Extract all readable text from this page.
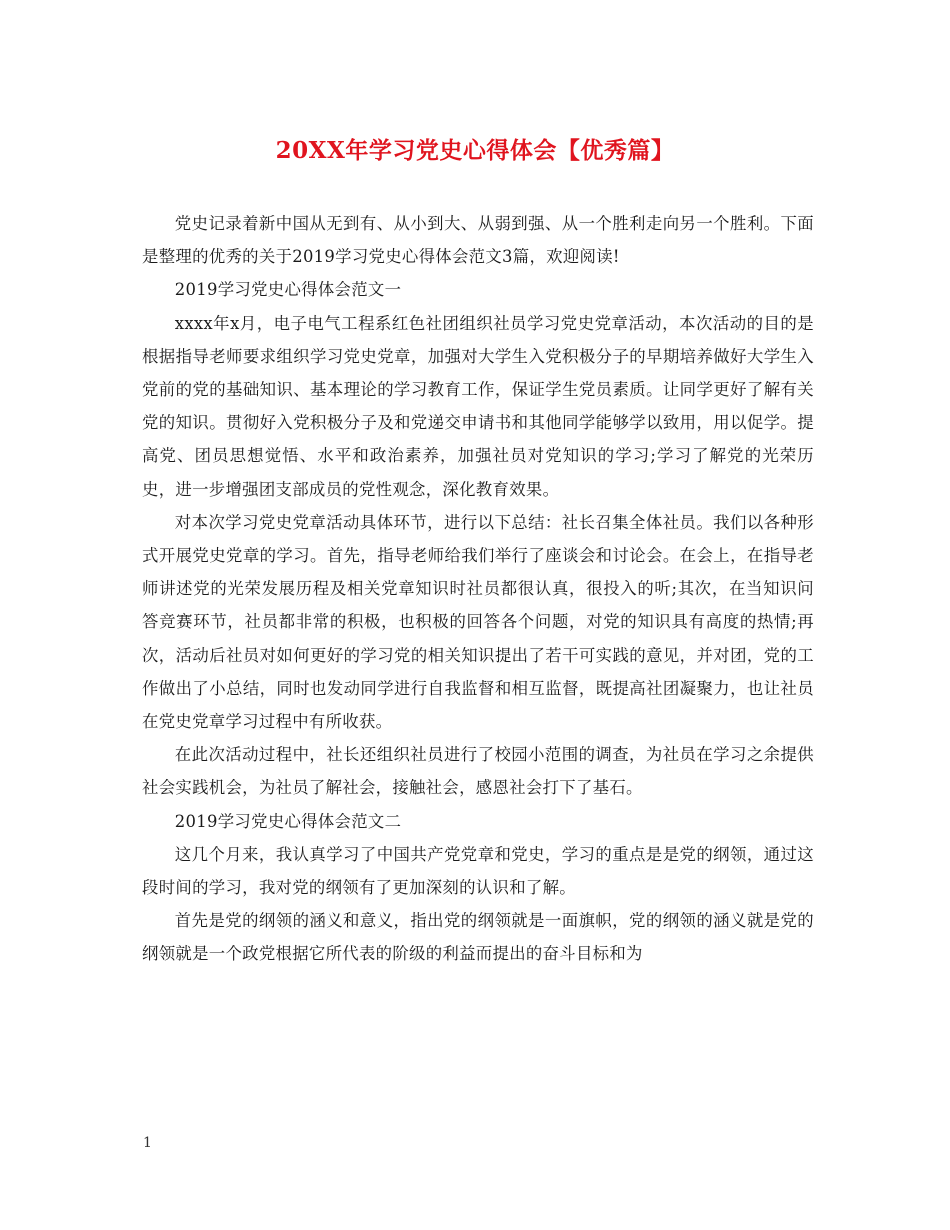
20XX年学习党史心得体会【优秀篇】

党史记录着新中国从无到有、从小到大、从弱到强、从一个胜利走向另一个胜利。下面是整理的优秀的关于2019学习党史心得体会范文3篇，欢迎阅读!

2019学习党史心得体会范文一

xxxx年x月，电子电气工程系红色社团组织社员学习党史党章活动，本次活动的目的是根据指导老师要求组织学习党史党章，加强对大学生入党积极分子的早期培养做好大学生入党前的党的基础知识、基本理论的学习教育工作，保证学生党员素质。让同学更好了解有关党的知识。贯彻好入党积极分子及和党递交申请书和其他同学能够学以致用，用以促学。提高党、团员思想觉悟、水平和政治素养，加强社员对党知识的学习;学习了解党的光荣历史，进一步增强团支部成员的党性观念，深化教育效果。

对本次学习党史党章活动具体环节，进行以下总结：社长召集全体社员。我们以各种形式开展党史党章的学习。首先，指导老师给我们举行了座谈会和讨论会。在会上，在指导老师讲述党的光荣发展历程及相关党章知识时社员都很认真，很投入的听;其次，在当知识问答竞赛环节，社员都非常的积极，也积极的回答各个问题，对党的知识具有高度的热情;再次，活动后社员对如何更好的学习党的相关知识提出了若干可实践的意见，并对团，党的工作做出了小总结，同时也发动同学进行自我监督和相互监督，既提高社团凝聚力，也让社员在党史党章学习过程中有所收获。

在此次活动过程中，社长还组织社员进行了校园小范围的调查，为社员在学习之余提供社会实践机会，为社员了解社会，接触社会，感恩社会打下了基石。

2019学习党史心得体会范文二

这几个月来，我认真学习了中国共产党党章和党史，学习的重点是是党的纲领，通过这段时间的学习，我对党的纲领有了更加深刻的认识和了解。

首先是党的纲领的涵义和意义，指出党的纲领就是一面旗帜，党的纲领的涵义就是党的纲领就是一个政党根据它所代表的阶级的利益而提出的奋斗目标和为

1
